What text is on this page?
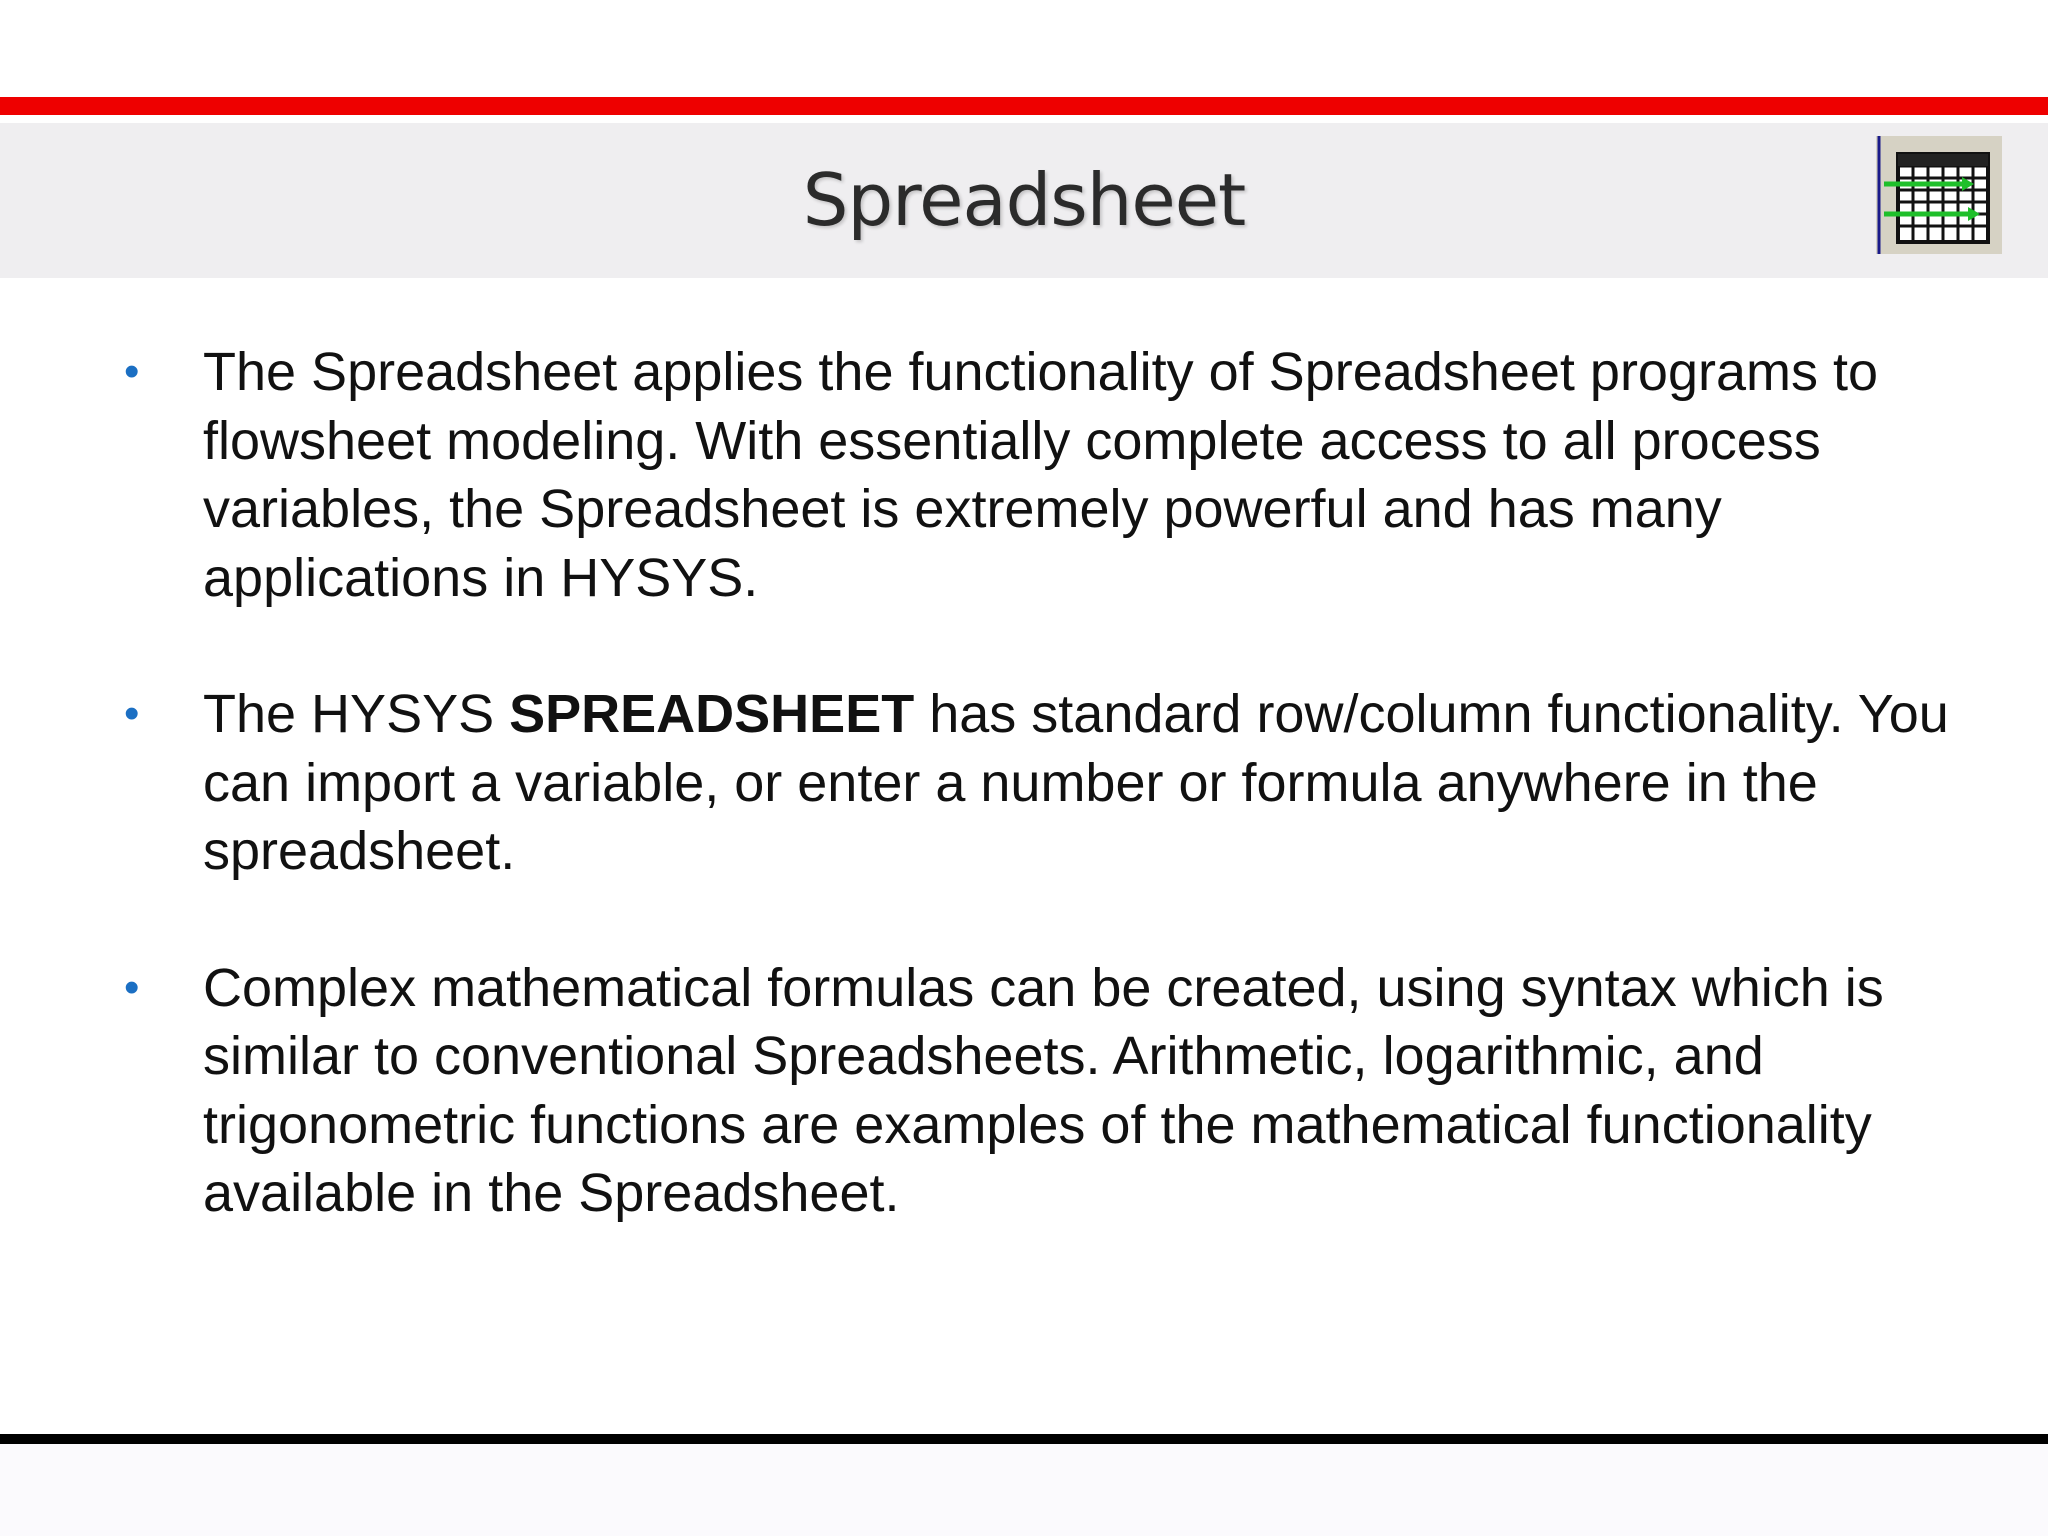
Spreadsheet

• The Spreadsheet applies the functionality of Spreadsheet programs to flowsheet modeling. With essentially complete access to all process variables, the Spreadsheet is extremely powerful and has many applications in HYSYS.

• The HYSYS SPREADSHEET has standard row/column functionality. You can import a variable, or enter a number or formula anywhere in the spreadsheet.

• Complex mathematical formulas can be created, using syntax which is similar to conventional Spreadsheets. Arithmetic, logarithmic, and trigonometric functions are examples of the mathematical functionality available in the Spreadsheet.
